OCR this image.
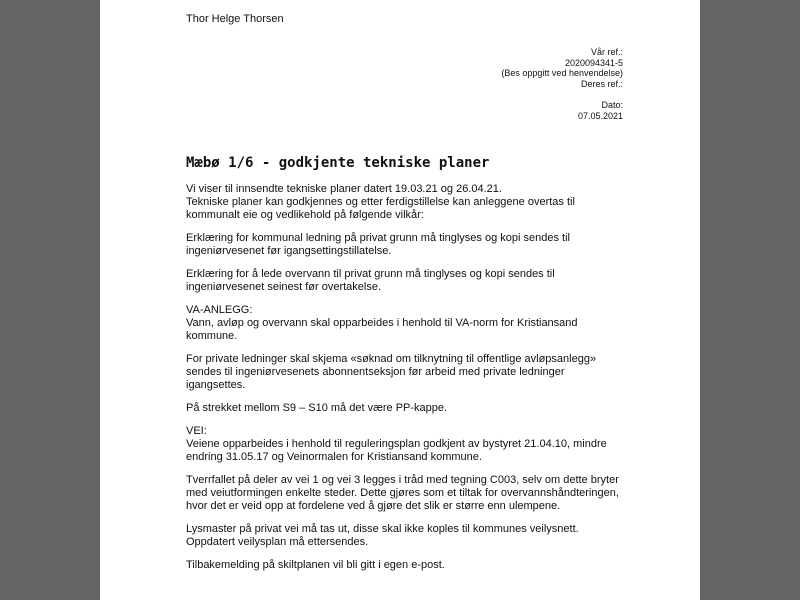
Thor Helge Thorsen
Vår ref.:
2020094341-5
(Bes oppgitt ved henvendelse)
Deres ref.:
Dato:
07.05.2021
Mæbø 1/6 - godkjente tekniske planer

Vi viser til innsendte tekniske planer datert 19.03.21 og 26.04.21.

Tekniske planer kan godkjennes og etter ferdigstillelse kan anleggene overtas til kommunalt eie og vedlikehold på følgende vilkår:

Erklæring for kommunal ledning på privat grunn må tinglyses og kopi sendes til ingeniørvesenet før igangsettingstillatelse.

Erklæring for å lede overvann til privat grunn må tinglyses og kopi sendes til ingeniørvesenet seinest før overtakelse.

VA-ANLEGG:

Vann, avløp og overvann skal opparbeides i henhold til VA-norm for Kristiansand kommune.

For private ledninger skal skjema «søknad om tilknytning til offentlige avløpsanlegg» sendes til ingeniørvesenets abonnentseksjon før arbeid med private ledninger igangsettes.

På strekket mellom S9 – S10 må det være PP-kappe.

VEI:

Veiene opparbeides i henhold til reguleringsplan godkjent av bystyret 21.04.10, mindre endring 31.05.17 og Veinormalen for Kristiansand kommune.

Tverrfallet på deler av vei 1 og vei 3 legges i tråd med tegning C003, selv om dette bryter med veiutformingen enkelte steder. Dette gjøres som et tiltak for overvannshåndteringen, hvor det er veid opp at fordelene ved å gjøre det slik er større enn ulempene.

Lysmaster på privat vei må tas ut, disse skal ikke koples til kommunes veilysnett. Oppdatert veilysplan må ettersendes.

Tilbakemelding på skiltplanen vil bli gitt i egen e-post.
